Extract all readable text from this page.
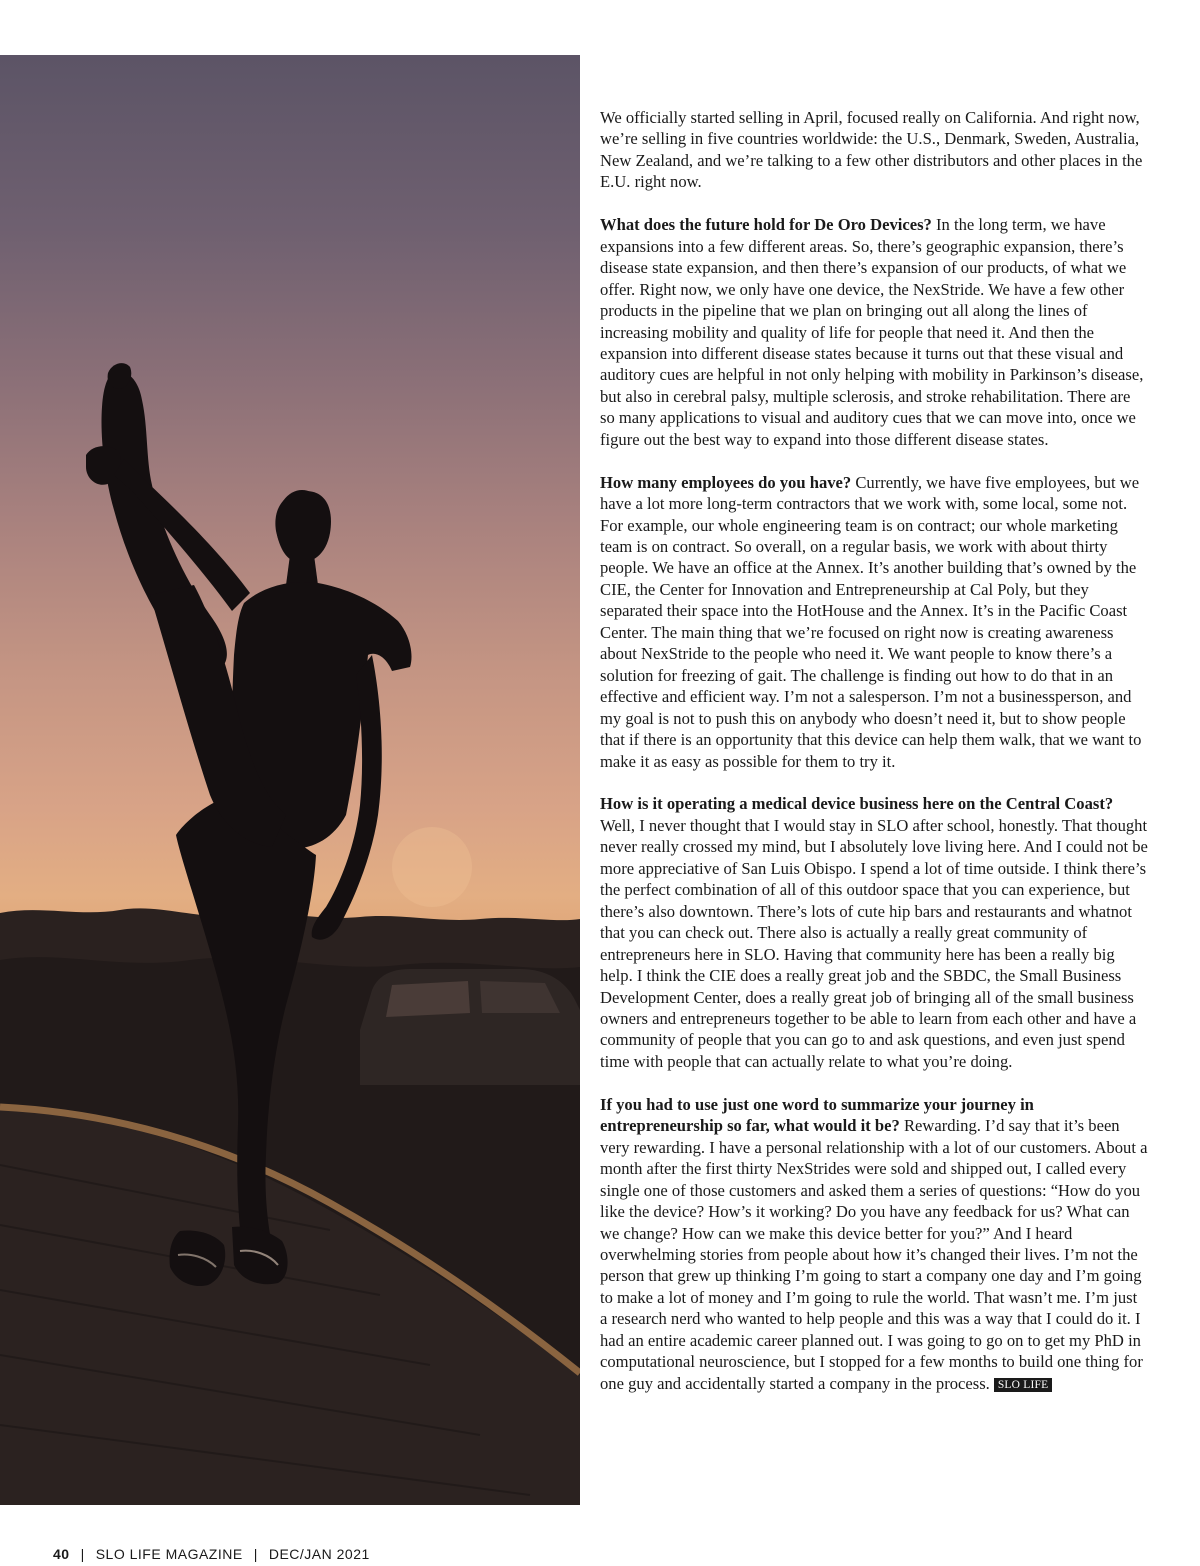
We officially started selling in April, focused really on California. And right now, we’re selling in five countries worldwide: the U.S., Denmark, Sweden, Australia, New Zealand, and we’re talking to a few other distributors and other places in the E.U. right now.

What does the future hold for De Oro Devices? In the long term, we have expansions into a few different areas. So, there’s geographic expansion, there’s disease state expansion, and then there’s expansion of our products, of what we offer. Right now, we only have one device, the NexStride. We have a few other products in the pipeline that we plan on bringing out all along the lines of increasing mobility and quality of life for people that need it. And then the expansion into different disease states because it turns out that these visual and auditory cues are helpful in not only helping with mobility in Parkinson’s disease, but also in cerebral palsy, multiple sclerosis, and stroke rehabilitation. There are so many applications to visual and auditory cues that we can move into, once we figure out the best way to expand into those different disease states.

How many employees do you have? Currently, we have five employees, but we have a lot more long-term contractors that we work with, some local, some not. For example, our whole engineering team is on contract; our whole marketing team is on contract. So overall, on a regular basis, we work with about thirty people. We have an office at the Annex. It’s another building that’s owned by the CIE, the Center for Innovation and Entrepreneurship at Cal Poly, but they separated their space into the HotHouse and the Annex. It’s in the Pacific Coast Center. The main thing that we’re focused on right now is creating awareness about NexStride to the people who need it. We want people to know there’s a solution for freezing of gait. The challenge is finding out how to do that in an effective and efficient way. I’m not a salesperson. I’m not a businessperson, and my goal is not to push this on anybody who doesn’t need it, but to show people that if there is an opportunity that this device can help them walk, that we want to make it as easy as possible for them to try it.

How is it operating a medical device business here on the Central Coast? Well, I never thought that I would stay in SLO after school, honestly. That thought never really crossed my mind, but I absolutely love living here. And I could not be more appreciative of San Luis Obispo. I spend a lot of time outside. I think there’s the perfect combination of all of this outdoor space that you can experience, but there’s also downtown. There’s lots of cute hip bars and restaurants and whatnot that you can check out. There also is actually a really great community of entrepreneurs here in SLO. Having that community here has been a really big help. I think the CIE does a really great job and the SBDC, the Small Business Development Center, does a really great job of bringing all of the small business owners and entrepreneurs together to be able to learn from each other and have a community of people that you can go to and ask questions, and even just spend time with people that can actually relate to what you’re doing.

If you had to use just one word to summarize your journey in entrepreneurship so far, what would it be? Rewarding. I’d say that it’s been very rewarding. I have a personal relationship with a lot of our customers. About a month after the first thirty NexStrides were sold and shipped out, I called every single one of those customers and asked them a series of questions: “How do you like the device? How’s it working? Do you have any feedback for us? What can we change? How can we make this device better for you?” And I heard overwhelming stories from people about how it’s changed their lives. I’m not the person that grew up thinking I’m going to start a company one day and I’m going to make a lot of money and I’m going to rule the world. That wasn’t me. I’m just a research nerd who wanted to help people and this was a way that I could do it. I had an entire academic career planned out. I was going to go on to get my PhD in computational neuroscience, but I stopped for a few months to build one thing for one guy and accidentally started a company in the process. SLO LIFE

40 | SLO LIFE MAGAZINE | DEC/JAN 2021
